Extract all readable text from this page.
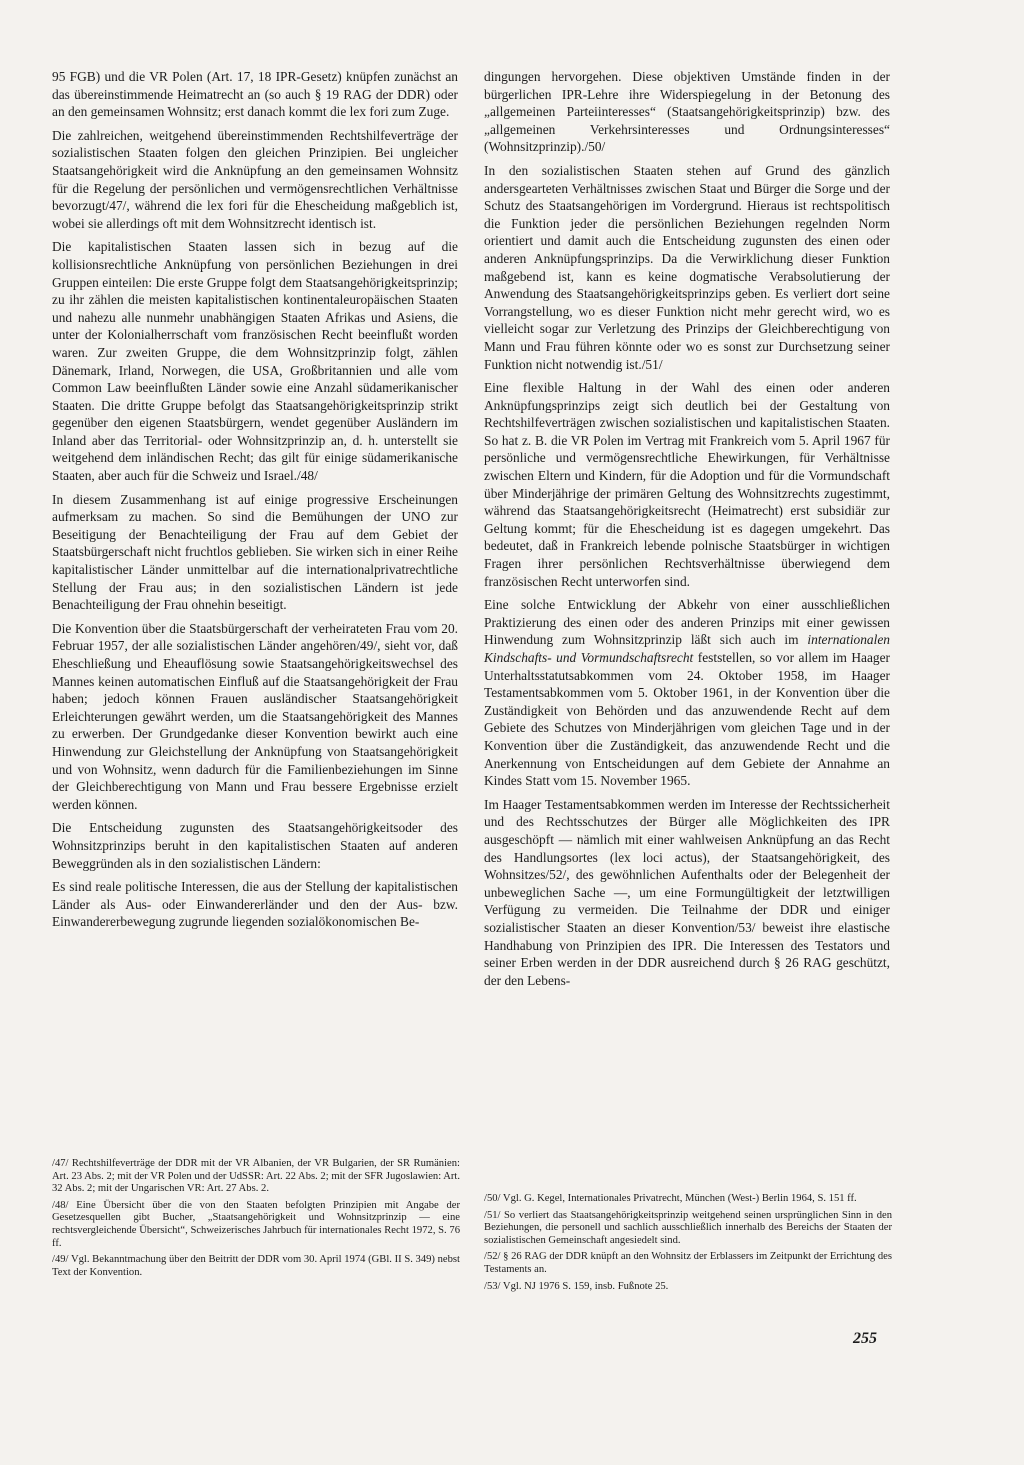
95 FGB) und die VR Polen (Art. 17, 18 IPR-Gesetz) knüpfen zunächst an das übereinstimmende Heimatrecht an (so auch § 19 RAG der DDR) oder an den gemeinsamen Wohnsitz; erst danach kommt die lex fori zum Zuge.

Die zahlreichen, weitgehend übereinstimmenden Rechtshilfeverträge der sozialistischen Staaten folgen den gleichen Prinzipien. Bei ungleicher Staatsangehörigkeit wird die Anknüpfung an den gemeinsamen Wohnsitz für die Regelung der persönlichen und vermögensrechtlichen Verhältnisse bevorzugt/47/, während die lex fori für die Ehescheidung maßgeblich ist, wobei sie allerdings oft mit dem Wohnsitzrecht identisch ist.

Die kapitalistischen Staaten lassen sich in bezug auf die kollisionsrechtliche Anknüpfung von persönlichen Beziehungen in drei Gruppen einteilen: Die erste Gruppe folgt dem Staatsangehörigkeitsprinzip; zu ihr zählen die meisten kapitalistischen kontinentaleuropäischen Staaten und nahezu alle nunmehr unabhängigen Staaten Afrikas und Asiens, die unter der Kolonialherrschaft vom französischen Recht beeinflußt worden waren. Zur zweiten Gruppe, die dem Wohnsitzprinzip folgt, zählen Dänemark, Irland, Norwegen, die USA, Großbritannien und alle vom Common Law beeinflußten Länder sowie eine Anzahl südamerikanischer Staaten. Die dritte Gruppe befolgt das Staatsangehörigkeitsprinzip strikt gegenüber den eigenen Staatsbürgern, wendet gegenüber Ausländern im Inland aber das Territorial- oder Wohnsitzprinzip an, d. h. unterstellt sie weitgehend dem inländischen Recht; das gilt für einige südamerikanische Staaten, aber auch für die Schweiz und Israel./48/

In diesem Zusammenhang ist auf einige progressive Erscheinungen aufmerksam zu machen. So sind die Bemühungen der UNO zur Beseitigung der Benachteiligung der Frau auf dem Gebiet der Staatsbürgerschaft nicht fruchtlos geblieben. Sie wirken sich in einer Reihe kapitalistischer Länder unmittelbar auf die internationalprivatrechtliche Stellung der Frau aus; in den sozialistischen Ländern ist jede Benachteiligung der Frau ohnehin beseitigt.

Die Konvention über die Staatsbürgerschaft der verheirateten Frau vom 20. Februar 1957, der alle sozialistischen Länder angehören/49/, sieht vor, daß Eheschließung und Eheauflösung sowie Staatsangehörigkeitswechsel des Mannes keinen automatischen Einfluß auf die Staatsangehörigkeit der Frau haben; jedoch können Frauen ausländischer Staatsangehörigkeit Erleichterungen gewährt werden, um die Staatsangehörigkeit des Mannes zu erwerben. Der Grundgedanke dieser Konvention bewirkt auch eine Hinwendung zur Gleichstellung der Anknüpfung von Staatsangehörigkeit und von Wohnsitz, wenn dadurch für die Familienbeziehungen im Sinne der Gleichberechtigung von Mann und Frau bessere Ergebnisse erzielt werden können.

Die Entscheidung zugunsten des Staatsangehörigkeitsoder des Wohnsitzprinzips beruht in den kapitalistischen Staaten auf anderen Beweggründen als in den sozialistischen Ländern:

Es sind reale politische Interessen, die aus der Stellung der kapitalistischen Länder als Aus- oder Einwandererländer und den der Aus- bzw. Einwandererbewegung zugrunde liegenden sozialökonomischen Be-

dingungen hervorgehen. Diese objektiven Umstände finden in der bürgerlichen IPR-Lehre ihre Widerspiegelung in der Betonung des „allgemeinen Parteiinteresses“ (Staatsangehörigkeitsprinzip) bzw. des „allgemeinen Verkehrsinteresses und Ordnungsinteresses“ (Wohnsitzprinzip)./50/

In den sozialistischen Staaten stehen auf Grund des gänzlich andersgearteten Verhältnisses zwischen Staat und Bürger die Sorge und der Schutz des Staatsangehörigen im Vordergrund. Hieraus ist rechtspolitisch die Funktion jeder die persönlichen Beziehungen regelnden Norm orientiert und damit auch die Entscheidung zugunsten des einen oder anderen Anknüpfungsprinzips. Da die Verwirklichung dieser Funktion maßgebend ist, kann es keine dogmatische Verabsolutierung der Anwendung des Staatsangehörigkeitsprinzips geben. Es verliert dort seine Vorrangstellung, wo es dieser Funktion nicht mehr gerecht wird, wo es vielleicht sogar zur Verletzung des Prinzips der Gleichberechtigung von Mann und Frau führen könnte oder wo es sonst zur Durchsetzung seiner Funktion nicht notwendig ist./51/

Eine flexible Haltung in der Wahl des einen oder anderen Anknüpfungsprinzips zeigt sich deutlich bei der Gestaltung von Rechtshilfeverträgen zwischen sozialistischen und kapitalistischen Staaten. So hat z. B. die VR Polen im Vertrag mit Frankreich vom 5. April 1967 für persönliche und vermögensrechtliche Ehewirkungen, für Verhältnisse zwischen Eltern und Kindern, für die Adoption und für die Vormundschaft über Minderjährige der primären Geltung des Wohnsitzrechts zugestimmt, während das Staatsangehörigkeitsrecht (Heimatrecht) erst subsidiär zur Geltung kommt; für die Ehescheidung ist es dagegen umgekehrt. Das bedeutet, daß in Frankreich lebende polnische Staatsbürger in wichtigen Fragen ihrer persönlichen Rechtsverhältnisse überwiegend dem französischen Recht unterworfen sind.

Eine solche Entwicklung der Abkehr von einer ausschließlichen Praktizierung des einen oder des anderen Prinzips mit einer gewissen Hinwendung zum Wohnsitzprinzip läßt sich auch im internationalen Kindschafts- und Vormundschaftsrecht feststellen, so vor allem im Haager Unterhaltsstatutsabkommen vom 24. Oktober 1958, im Haager Testamentsabkommen vom 5. Oktober 1961, in der Konvention über die Zuständigkeit von Behörden und das anzuwendende Recht auf dem Gebiete des Schutzes von Minderjährigen vom gleichen Tage und in der Konvention über die Zuständigkeit, das anzuwendende Recht und die Anerkennung von Entscheidungen auf dem Gebiete der Annahme an Kindes Statt vom 15. November 1965.

Im Haager Testamentsabkommen werden im Interesse der Rechtssicherheit und des Rechtsschutzes der Bürger alle Möglichkeiten des IPR ausgeschöpft — nämlich mit einer wahlweisen Anknüpfung an das Recht des Handlungsortes (lex loci actus), der Staatsangehörigkeit, des Wohnsitzes/52/, des gewöhnlichen Aufenthalts oder der Belegenheit der unbeweglichen Sache —, um eine Formungültigkeit der letztwilligen Verfügung zu vermeiden. Die Teilnahme der DDR und einiger sozialistischer Staaten an dieser Konvention/53/ beweist ihre elastische Handhabung von Prinzipien des IPR. Die Interessen des Testators und seiner Erben werden in der DDR ausreichend durch § 26 RAG geschützt, der den Lebens-

/47/ Rechtshilfeverträge der DDR mit der VR Albanien, der VR Bulgarien, der SR Rumänien: Art. 23 Abs. 2; mit der VR Polen und der UdSSR: Art. 22 Abs. 2; mit der SFR Jugoslawien: Art. 32 Abs. 2; mit der Ungarischen VR: Art. 27 Abs. 2.

/48/ Eine Übersicht über die von den Staaten befolgten Prinzipien mit Angabe der Gesetzesquellen gibt Bucher, „Staatsangehörigkeit und Wohnsitzprinzip — eine rechtsvergleichende Übersicht“, Schweizerisches Jahrbuch für internationales Recht 1972, S. 76 ff.

/49/ Vgl. Bekanntmachung über den Beitritt der DDR vom 30. April 1974 (GBl. II S. 349) nebst Text der Konvention.

/50/ Vgl. G. Kegel, Internationales Privatrecht, München (West-) Berlin 1964, S. 151 ff.

/51/ So verliert das Staatsangehörigkeitsprinzip weitgehend seinen ursprünglichen Sinn in den Beziehungen, die personell und sachlich ausschließlich innerhalb des Bereichs der Staaten der sozialistischen Gemeinschaft angesiedelt sind.

/52/ § 26 RAG der DDR knüpft an den Wohnsitz der Erblassers im Zeitpunkt der Errichtung des Testaments an.

/53/ Vgl. NJ 1976 S. 159, insb. Fußnote 25.

255
